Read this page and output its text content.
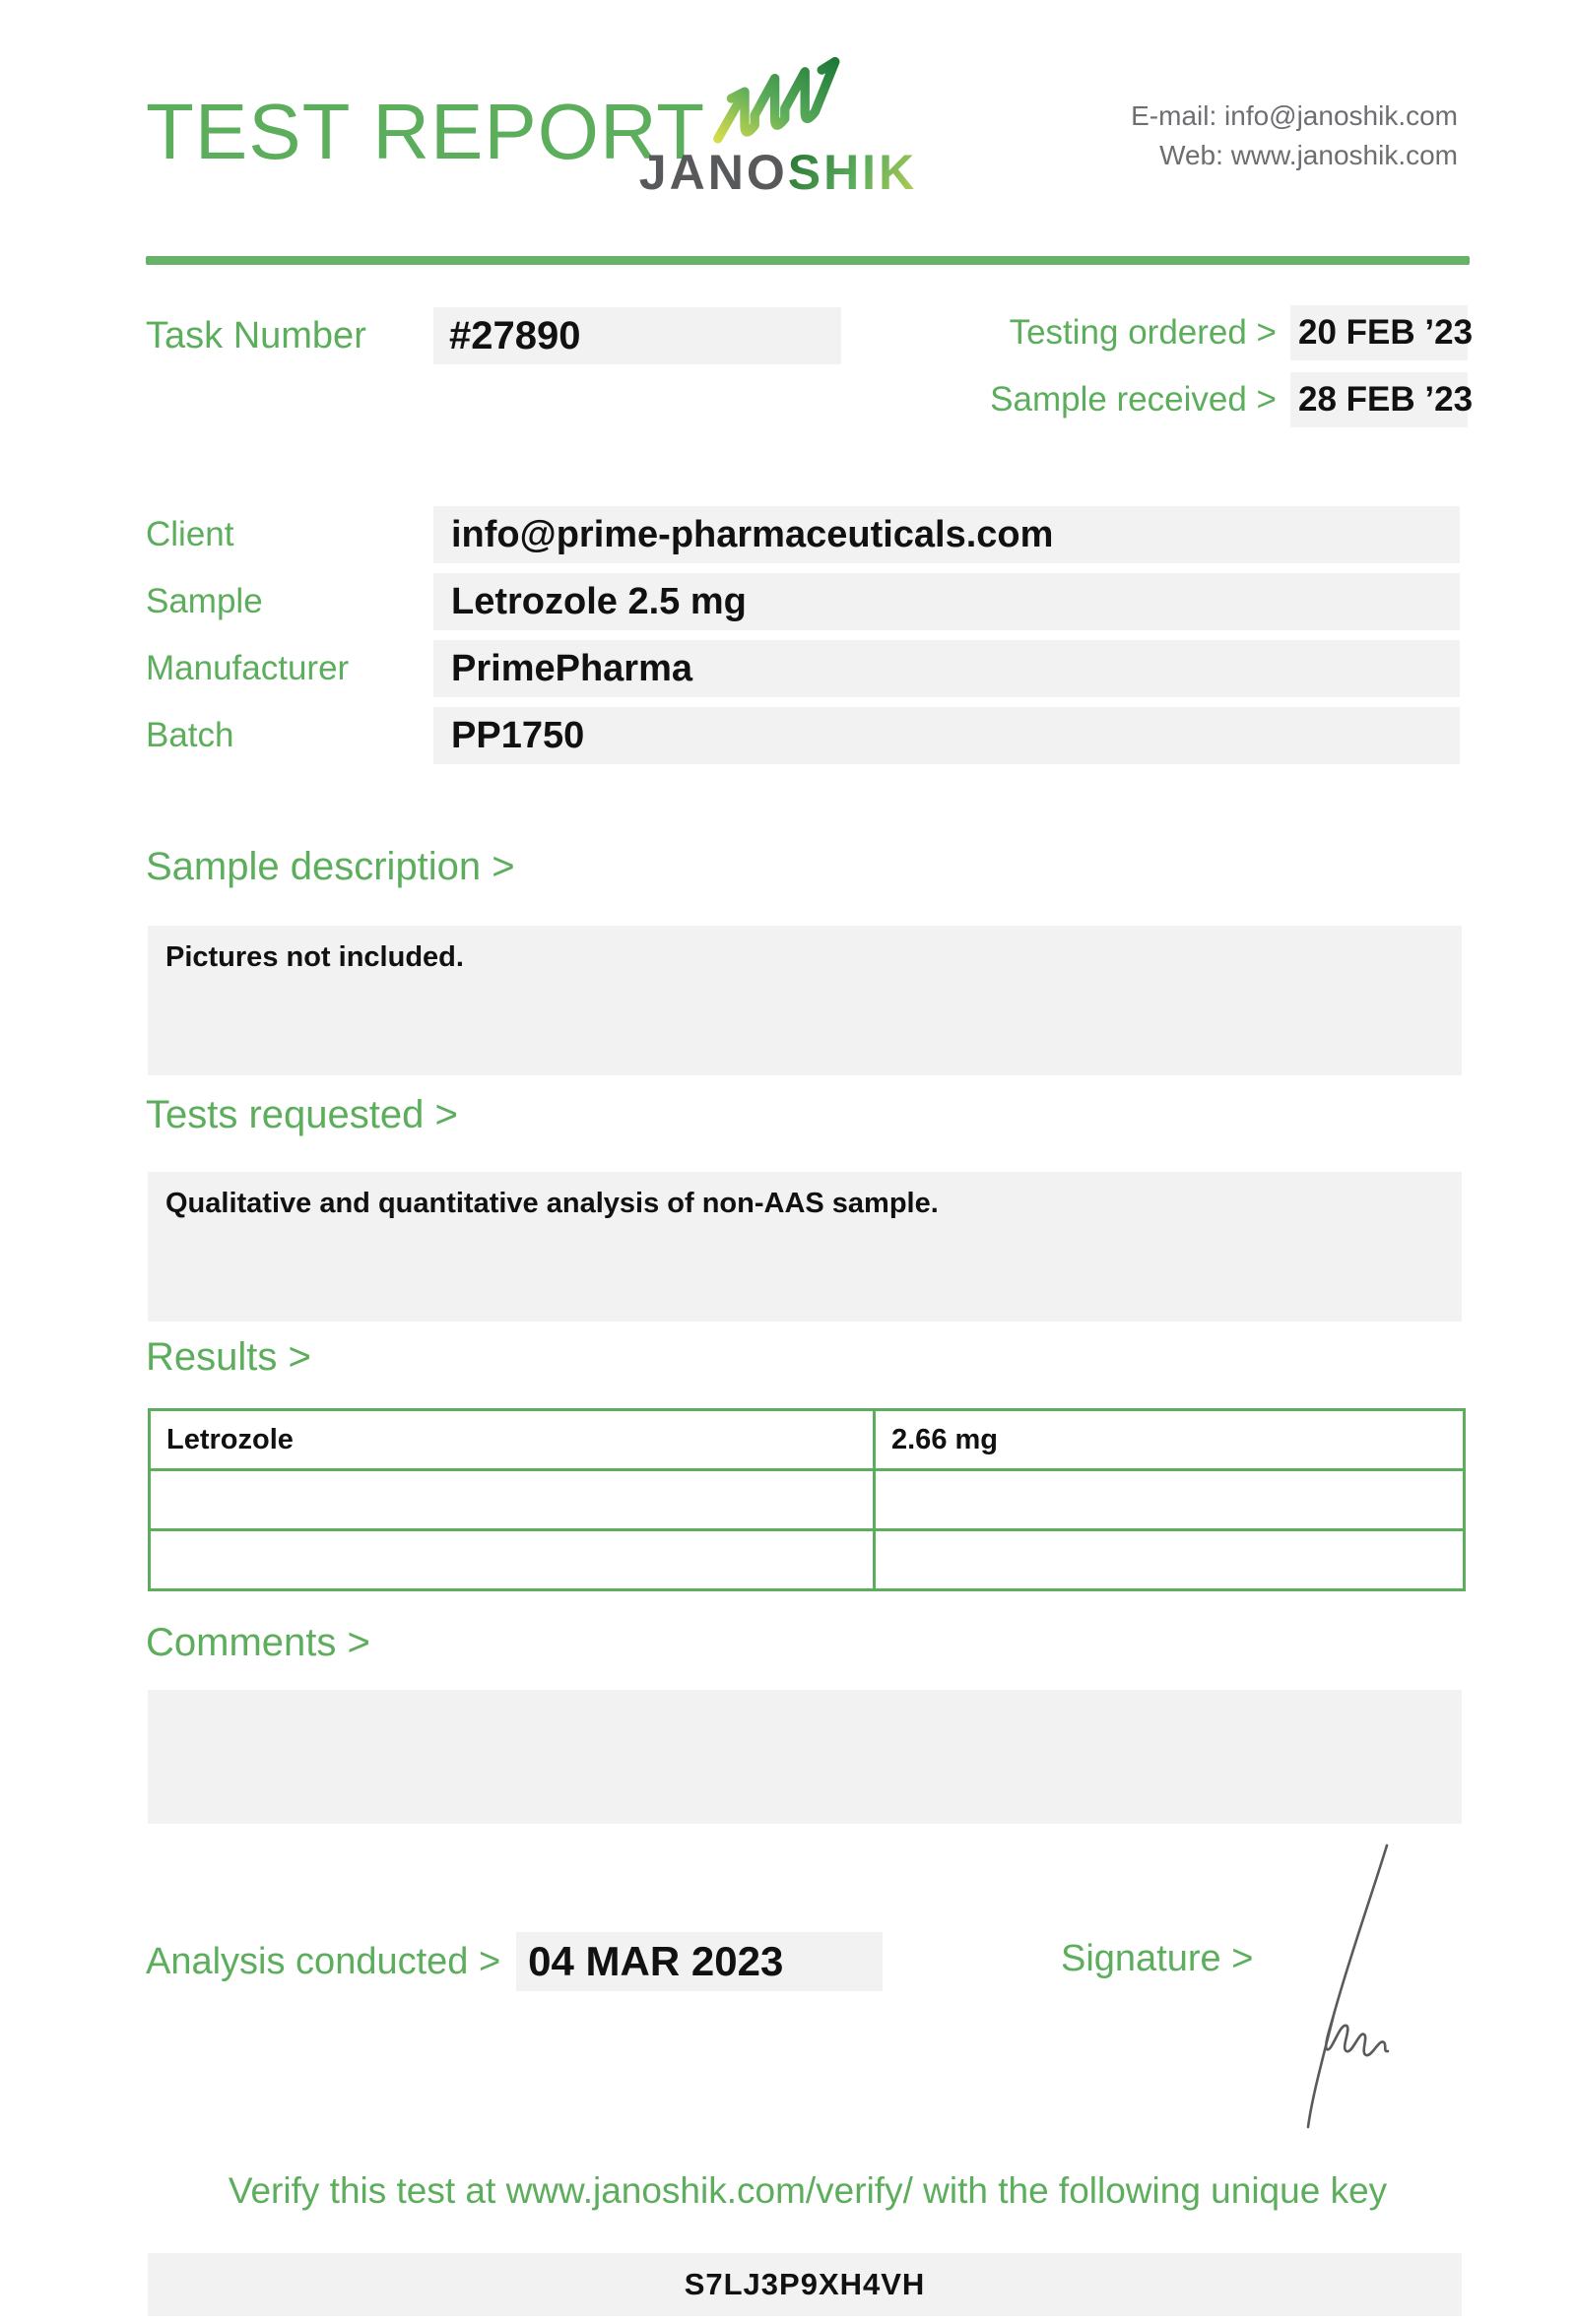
TEST REPORT
JANOSHIK
E-mail: info@janoshik.com
Web: www.janoshik.com
Task Number	#27890	Testing ordered > 20 FEB ’23
Sample received > 28 FEB ’23
Client	info@prime-pharmaceuticals.com
Sample	Letrozole 2.5 mg
Manufacturer	PrimePharma
Batch	PP1750
Sample description >
Pictures not included.
Tests requested >
Qualitative and quantitative analysis of non-AAS sample.
Results >
Letrozole	2.66 mg

Comments >
Analysis conducted > 04 MAR 2023	Signature >
Verify this test at www.janoshik.com/verify/ with the following unique key
S7LJ3P9XH4VH
